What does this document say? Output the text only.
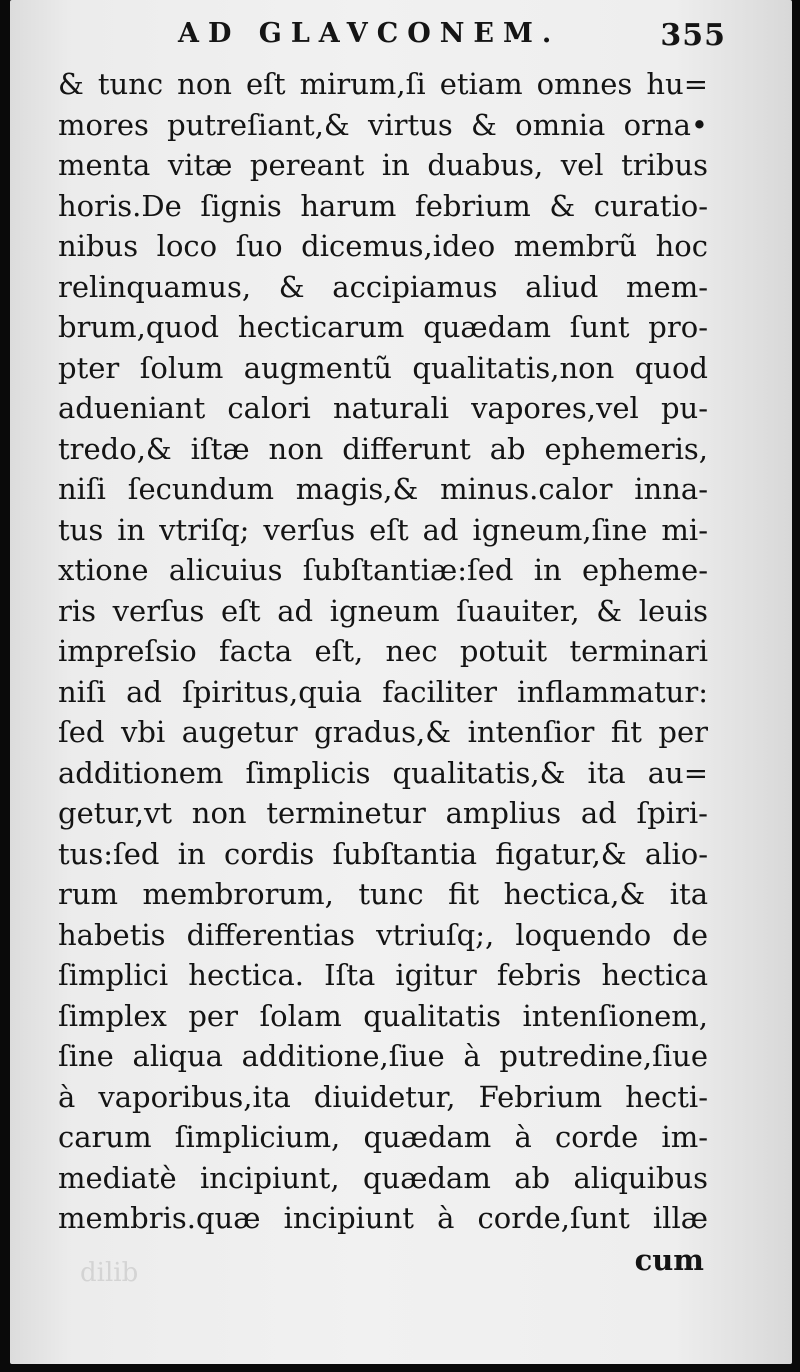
AD GLAVCONEM.	355
& tunc non eſt mirum,ſi etiam omnes hu=
mores putreſiant,& virtus & omnia orna•
menta vitæ pereant in duabus, vel tribus
horis.De ſignis harum febrium & curatio-
nibus loco ſuo dicemus,ideo membrũ hoc
relinquamus, & accipiamus aliud mem-
brum,quod hecticarum quædam ſunt pro-
pter ſolum augmentũ qualitatis,non quod
adueniant calori naturali vapores,vel pu-
tredo,& iſtæ non differunt ab ephemeris,
niſi ſecundum magis,& minus.calor inna-
tus in vtriſq; verſus eſt ad igneum,ſine mi-
xtione alicuius ſubſtantiæ:ſed in epheme-
ris verſus eſt ad igneum ſuauiter, & leuis
impreſsio facta eſt, nec potuit terminari
niſi ad ſpiritus,quia faciliter inflammatur:
ſed vbi augetur gradus,& intenſior fit per
additionem ſimplicis qualitatis,& ita au=
getur,vt non terminetur amplius ad ſpiri-
tus:ſed in cordis ſubſtantia figatur,& alio-
rum membrorum, tunc fit hectica,& ita
habetis differentias vtriuſq;, loquendo de
ſimplici hectica. Iſta igitur febris hectica
ſimplex per ſolam qualitatis intenſionem,
ſine aliqua additione,ſiue à putredine,ſiue
à vaporibus,ita diuidetur, Febrium hecti-
carum ſimplicium, quædam à corde im-
mediatè incipiunt, quædam ab aliquibus
membris.quæ incipiunt à corde,ſunt illæ
dilib	cum
